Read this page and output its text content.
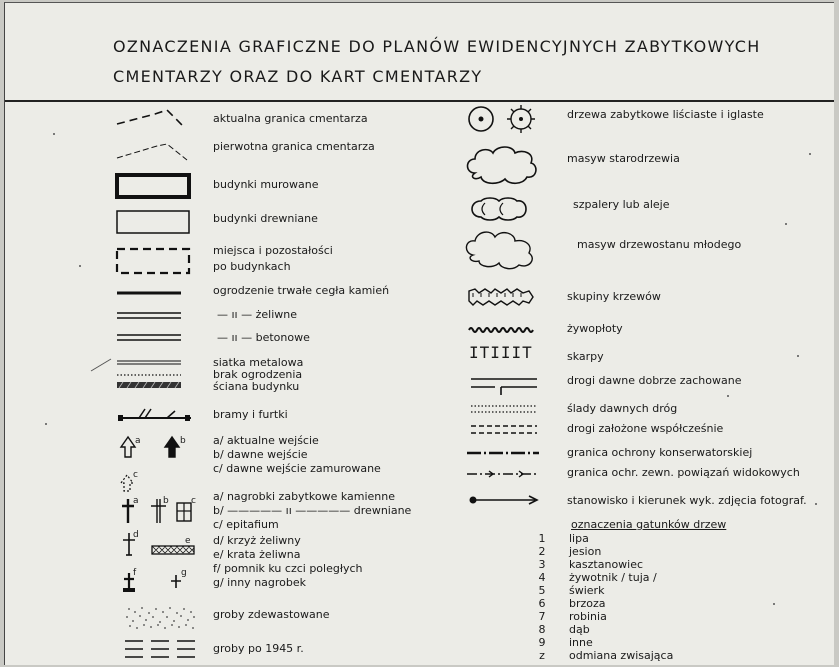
OZNACZENIA GRAFICZNE DO PLANÓW EWIDENCYJNYCH ZABYTKOWYCH
CMENTARZY ORAZ DO KART CMENTARZY
a	b
c
a	b c
d
e
f	g
aktualna granica cmentarza
pierwotna granica cmentarza
budynki murowane
budynki drewniane
miejsca i pozostałości
po budynkach
ogrodzenie trwałe cegła kamień
— ıı — żeliwne
— ıı — betonowe
siatka metalowa
brak ogrodzenia
ściana budynku
bramy i furtki
a/ aktualne wejście
b/ dawne wejście
c/ dawne wejście zamurowane
a/ nagrobki zabytkowe kamienne
b/ ————— ıı ————— drewniane
c/ epitafium
d/ krzyż żeliwny
e/ krata żeliwna
f/ pomnik ku czci poległych
g/ inny nagrobek
groby zdewastowane
groby po 1945 r.
ΙΤΙΙΙΤ
drzewa zabytkowe liściaste i iglaste
masyw starodrzewia
szpalery lub aleje
masyw drzewostanu młodego
skupiny krzewów
żywopłoty
skarpy
drogi dawne dobrze zachowane
ślady dawnych dróg
drogi założone współcześnie
granica ochrony konserwatorskiej
granica ochr. zewn. powiązań widokowych
stanowisko i kierunek wyk. zdjęcia fotograf.
oznaczenia gatunków drzew
1	lipa
2	jesion
3	kasztanowiec
4	żywotnik / tuja /
5	świerk
6	brzoza
7	robinia
8	dąb
9	inne
z	odmiana zwisająca
